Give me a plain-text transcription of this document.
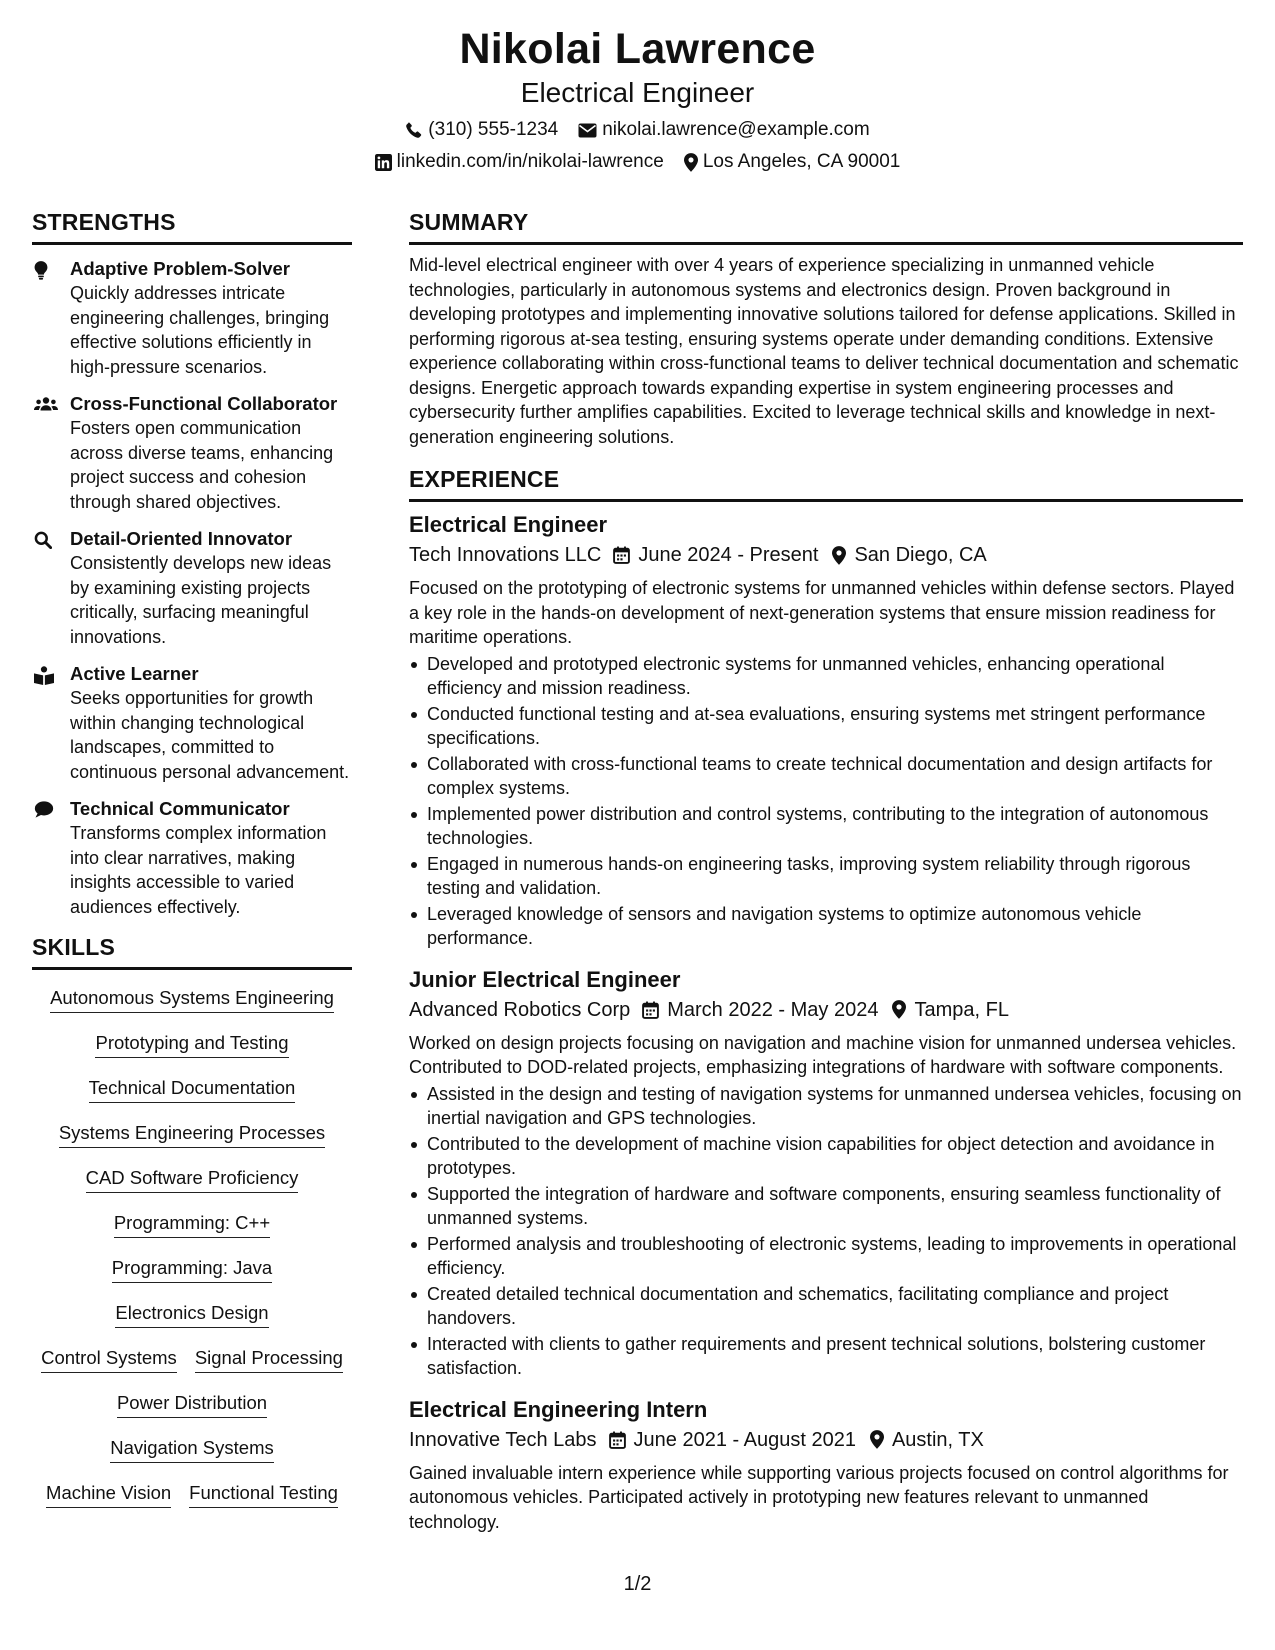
Nikolai Lawrence
Electrical Engineer
(310) 555-1234 nikolai.lawrence@example.com
linkedin.com/in/nikolai-lawrence Los Angeles, CA 90001
STRENGTHS
Adaptive Problem-Solver
Quickly addresses intricate engineering challenges, bringing effective solutions efficiently in high-pressure scenarios.
Cross-Functional Collaborator
Fosters open communication across diverse teams, enhancing project success and cohesion through shared objectives.
Detail-Oriented Innovator
Consistently develops new ideas by examining existing projects critically, surfacing meaningful innovations.
Active Learner
Seeks opportunities for growth within changing technological landscapes, committed to continuous personal advancement.
Technical Communicator
Transforms complex information into clear narratives, making insights accessible to varied audiences effectively.
SKILLS
Autonomous Systems Engineering
Prototyping and Testing
Technical Documentation
Systems Engineering Processes
CAD Software Proficiency
Programming: C++
Programming: Java
Electronics Design
Control Systems Signal Processing
Power Distribution
Navigation Systems
Machine Vision Functional Testing
SUMMARY
Mid-level electrical engineer with over 4 years of experience specializing in unmanned vehicle technologies, particularly in autonomous systems and electronics design. Proven background in developing prototypes and implementing innovative solutions tailored for defense applications. Skilled in performing rigorous at-sea testing, ensuring systems operate under demanding conditions. Extensive experience collaborating within cross-functional teams to deliver technical documentation and schematic designs. Energetic approach towards expanding expertise in system engineering processes and cybersecurity further amplifies capabilities. Excited to leverage technical skills and knowledge in next-generation engineering solutions.
EXPERIENCE
Electrical Engineer
Tech Innovations LLC June 2024 - Present San Diego, CA
Focused on the prototyping of electronic systems for unmanned vehicles within defense sectors. Played a key role in the hands-on development of next-generation systems that ensure mission readiness for maritime operations.
Developed and prototyped electronic systems for unmanned vehicles, enhancing operational efficiency and mission readiness.
Conducted functional testing and at-sea evaluations, ensuring systems met stringent performance specifications.
Collaborated with cross-functional teams to create technical documentation and design artifacts for complex systems.
Implemented power distribution and control systems, contributing to the integration of autonomous technologies.
Engaged in numerous hands-on engineering tasks, improving system reliability through rigorous testing and validation.
Leveraged knowledge of sensors and navigation systems to optimize autonomous vehicle performance.
Junior Electrical Engineer
Advanced Robotics Corp March 2022 - May 2024 Tampa, FL
Worked on design projects focusing on navigation and machine vision for unmanned undersea vehicles. Contributed to DOD-related projects, emphasizing integrations of hardware with software components.
Assisted in the design and testing of navigation systems for unmanned undersea vehicles, focusing on inertial navigation and GPS technologies.
Contributed to the development of machine vision capabilities for object detection and avoidance in prototypes.
Supported the integration of hardware and software components, ensuring seamless functionality of unmanned systems.
Performed analysis and troubleshooting of electronic systems, leading to improvements in operational efficiency.
Created detailed technical documentation and schematics, facilitating compliance and project handovers.
Interacted with clients to gather requirements and present technical solutions, bolstering customer satisfaction.
Electrical Engineering Intern
Innovative Tech Labs June 2021 - August 2021 Austin, TX
Gained invaluable intern experience while supporting various projects focused on control algorithms for autonomous vehicles. Participated actively in prototyping new features relevant to unmanned technology.
1/2
